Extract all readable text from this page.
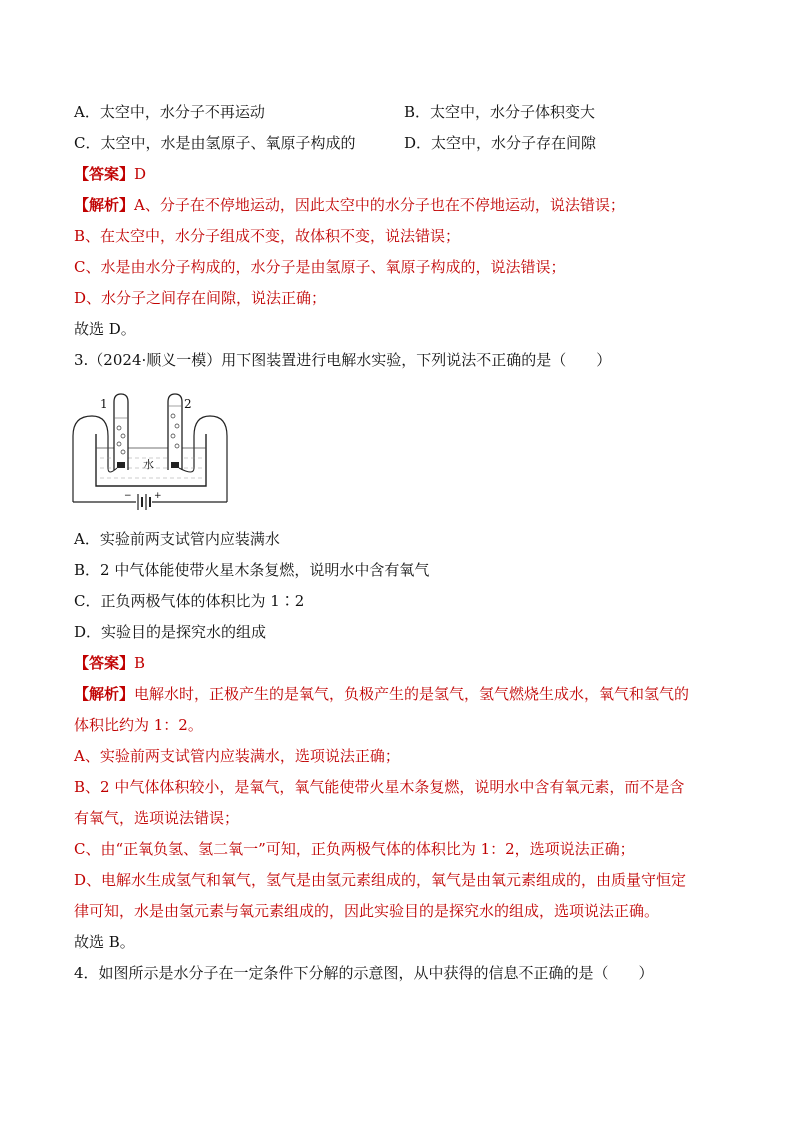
A．太空中，水分子不再运动	B．太空中，水分子体积变大
C．太空中，水是由氢原子、氧原子构成的	D．太空中，水分子存在间隙
【答案】D
【解析】A、分子在不停地运动，因此太空中的水分子也在不停地运动，说法错误；
B、在太空中，水分子组成不变，故体积不变，说法错误；
C、水是由水分子构成的，水分子是由氢原子、氧原子构成的，说法错误；
D、水分子之间存在间隙，说法正确；
故选 D。
3.（2024·顺义一模）用下图装置进行电解水实验，下列说法不正确的是（　　）
1	2
− +
水
A．实验前两支试管内应装满水
B．2 中气体能使带火星木条复燃，说明水中含有氧气
C．正负两极气体的体积比为 1∶2
D．实验目的是探究水的组成
【答案】B
【解析】电解水时，正极产生的是氧气，负极产生的是氢气，氢气燃烧生成水，氧气和氢气的
体积比约为 1：2。
A、实验前两支试管内应装满水，选项说法正确；
B、2 中气体体积较小，是氧气，氧气能使带火星木条复燃，说明水中含有氧元素，而不是含
有氧气，选项说法错误；
C、由“正氧负氢、氢二氧一”可知，正负两极气体的体积比为 1：2，选项说法正确；
D、电解水生成氢气和氧气，氢气是由氢元素组成的，氧气是由氧元素组成的，由质量守恒定
律可知，水是由氢元素与氧元素组成的，因此实验目的是探究水的组成，选项说法正确。
故选 B。
4．如图所示是水分子在一定条件下分解的示意图，从中获得的信息不正确的是（　　）
